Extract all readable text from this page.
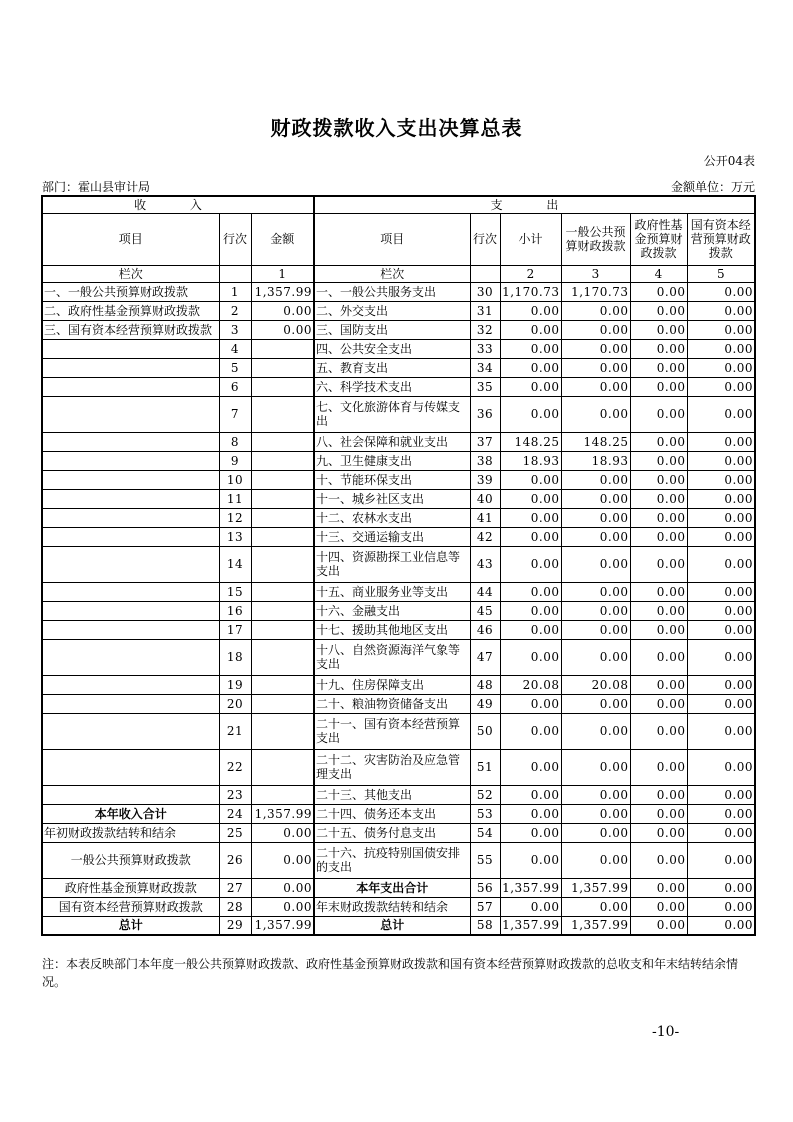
财政拨款收入支出决算总表
公开04表
部门：霍山县审计局	金额单位：万元
收 入			支 出					
项目	行次	金额	项目	行次	小计	一般公共预算财政拨款	政府性基金预算财政拨款	国有资本经营预算财政拨款
栏次		1	栏次		2	3	4	5
一、一般公共预算财政拨款	1	1,357.99	一、一般公共服务支出	30	1,170.73	1,170.73	0.00	0.00
二、政府性基金预算财政拨款	2	0.00	二、外交支出	31	0.00	0.00	0.00	0.00
三、国有资本经营预算财政拨款	3	0.00	三、国防支出	32	0.00	0.00	0.00	0.00
	4		四、公共安全支出	33	0.00	0.00	0.00	0.00
	5		五、教育支出	34	0.00	0.00	0.00	0.00
	6		六、科学技术支出	35	0.00	0.00	0.00	0.00
	7		七、文化旅游体育与传媒支出	36	0.00	0.00	0.00	0.00
	8		八、社会保障和就业支出	37	148.25	148.25	0.00	0.00
	9		九、卫生健康支出	38	18.93	18.93	0.00	0.00
	10		十、节能环保支出	39	0.00	0.00	0.00	0.00
	11		十一、城乡社区支出	40	0.00	0.00	0.00	0.00
	12		十二、农林水支出	41	0.00	0.00	0.00	0.00
	13		十三、交通运输支出	42	0.00	0.00	0.00	0.00
	14		十四、资源勘探工业信息等支出	43	0.00	0.00	0.00	0.00
	15		十五、商业服务业等支出	44	0.00	0.00	0.00	0.00
	16		十六、金融支出	45	0.00	0.00	0.00	0.00
	17		十七、援助其他地区支出	46	0.00	0.00	0.00	0.00
	18		十八、自然资源海洋气象等支出	47	0.00	0.00	0.00	0.00
	19		十九、住房保障支出	48	20.08	20.08	0.00	0.00
	20		二十、粮油物资储备支出	49	0.00	0.00	0.00	0.00
	21		二十一、国有资本经营预算支出	50	0.00	0.00	0.00	0.00
	22		二十二、灾害防治及应急管理支出	51	0.00	0.00	0.00	0.00
	23		二十三、其他支出	52	0.00	0.00	0.00	0.00
本年收入合计	24	1,357.99	二十四、债务还本支出	53	0.00	0.00	0.00	0.00
年初财政拨款结转和结余	25	0.00	二十五、债务付息支出	54	0.00	0.00	0.00	0.00
一般公共预算财政拨款	26	0.00	二十六、抗疫特别国债安排的支出	55	0.00	0.00	0.00	0.00
政府性基金预算财政拨款	27	0.00	本年支出合计	56	1,357.99	1,357.99	0.00	0.00
国有资本经营预算财政拨款	28	0.00	年末财政拨款结转和结余	57	0.00	0.00	0.00	0.00
总计	29	1,357.99	总计	58	1,357.99	1,357.99	0.00	0.00
注：本表反映部门本年度一般公共预算财政拨款、政府性基金预算财政拨款和国有资本经营预算财政拨款的总收支和年末结转结余情况。
-10-
